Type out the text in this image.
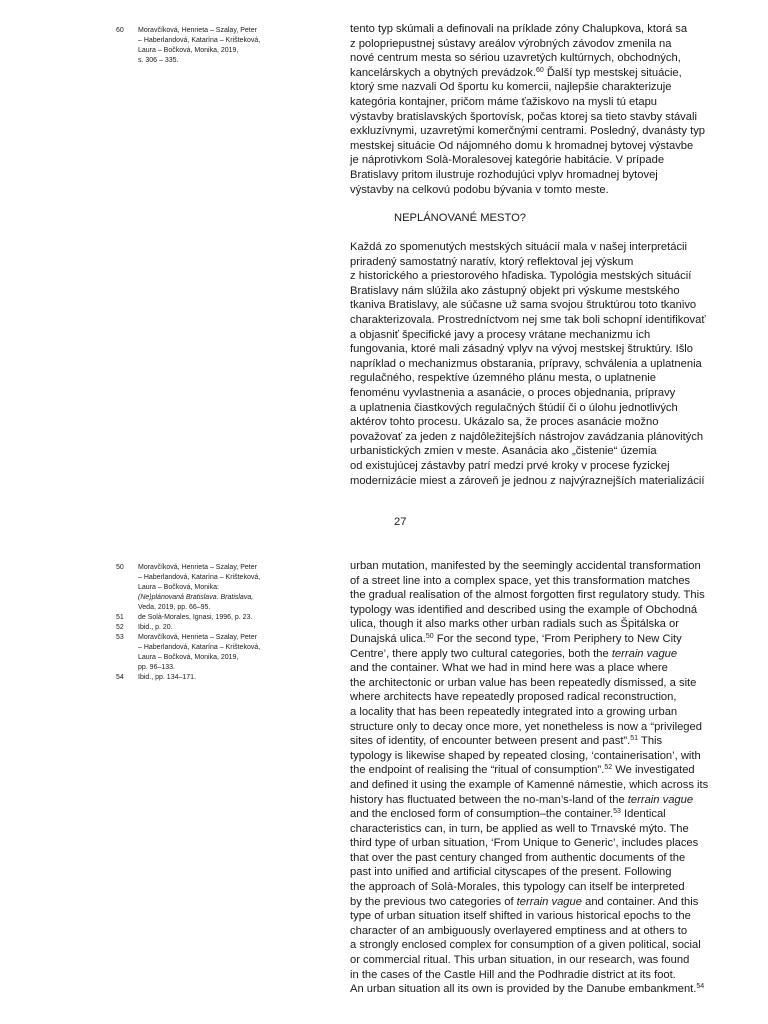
60	Moravčíková, Henrieta – Szalay, Peter
– Haberlandová, Katarína – Krišteková,
Laura – Bočková, Monika, 2019,
s. 306 – 335.

tento typ skúmali a definovali na príklade zóny Chalupkova, ktorá sa
z polopriepustnej sústavy areálov výrobných závodov zmenila na
nové centrum mesta so sériou uzavretých kultúrnych, obchodných,
kancelárskych a obytných prevádzok.$^{60}$ Ďalší typ mestskej situácie,
ktorý sme nazvali Od športu ku komercii, najlepšie charakterizuje
kategória kontajner, pričom máme ťažiskovo na mysli tú etapu
výstavby bratislavských športovísk, počas ktorej sa tieto stavby stávali
exkluzívnymi, uzavretými komerčnými centrami. Posledný, dvanásty typ
mestskej situácie Od nájomného domu k hromadnej bytovej výstavbe
je náprotivkom Solà-Moralesovej kategórie habitácie. V prípade
Bratislavy pritom ilustruje rozhodujúci vplyv hromadnej bytovej
výstavby na celkovú podobu bývania v tomto meste.

NEPLÁNOVANÉ MESTO?

Každá zo spomenutých mestských situácií mala v našej interpretácii
priradený samostatný naratív, ktorý reflektoval jej výskum
z historického a priestorového hľadiska. Typológia mestských situácií
Bratislavy nám slúžila ako zástupný objekt pri výskume mestského
tkaniva Bratislavy, ale súčasne už sama svojou štruktúrou toto tkanivo
charakterizovala. Prostredníctvom nej sme tak boli schopní identifikovať
a objasniť špecifické javy a procesy vrátane mechanizmu ich
fungovania, ktoré mali zásadný vplyv na vývoj mestskej štruktúry. Išlo
napríklad o mechanizmus obstarania, prípravy, schválenia a uplatnenia
regulačného, respektíve územného plánu mesta, o uplatnenie
fenoménu vyvlastnenia a asanácie, o proces objednania, prípravy
a uplatnenia čiastkových regulačných štúdií či o úlohu jednotlivých
aktérov tohto procesu. Ukázalo sa, že proces asanácie možno
považovať za jeden z najdôležitejších nástrojov zavádzania plánovitých
urbanistických zmien v meste. Asanácia ako „čistenie“ územia
od existujúcej zástavby patrí medzi prvé kroky v procese fyzickej
modernizácie miest a zároveň je jednou z najvýraznejších materializácií

27
50	Moravčíková, Henrieta – Szalay, Peter
– Haberlandová, Katarína – Krišteková,
Laura – Bočková, Monika:
(Ne)plánovaná Bratislava. Bratislava,
Veda, 2019, pp. 66–95.
51	de Solà-Morales, Ignasi, 1996, p. 23.
52	Ibid., p. 20.
53	Moravčíková, Henrieta – Szalay, Peter
– Haberlandová, Katarína – Krišteková,
Laura – Bočková, Monika, 2019,
pp. 96–133.
54	Ibid., pp. 134–171.

urban mutation, manifested by the seemingly accidental transformation
of a street line into a complex space, yet this transformation matches
the gradual realisation of the almost forgotten first regulatory study. This
typology was identified and described using the example of Obchodná
ulica, though it also marks other urban radials such as Špitálska or
Dunajská ulica.$^{50}$ For the second type, ‘From Periphery to New City
Centre’, there apply two cultural categories, both the terrain vague
and the container. What we had in mind here was a place where
the architectonic or urban value has been repeatedly dismissed, a site
where architects have repeatedly proposed radical reconstruction,
a locality that has been repeatedly integrated into a growing urban
structure only to decay once more, yet nonetheless is now a “privileged
sites of identity, of encounter between present and past”.$^{51}$ This
typology is likewise shaped by repeated closing, ‘containerisation’, with
the endpoint of realising the “ritual of consumption”.$^{52}$ We investigated
and defined it using the example of Kamenné námestie, which across its
history has fluctuated between the no-man’s-land of the terrain vague
and the enclosed form of consumption–the container.$^{53}$ Identical
characteristics can, in turn, be applied as well to Trnavské mýto. The
third type of urban situation, ‘From Unique to Generic’, includes places
that over the past century changed from authentic documents of the
past into unified and artificial cityscapes of the present. Following
the approach of Solà-Morales, this typology can itself be interpreted
by the previous two categories of terrain vague and container. And this
type of urban situation itself shifted in various historical epochs to the
character of an ambiguously overlayered emptiness and at others to
a strongly enclosed complex for consumption of a given political, social
or commercial ritual. This urban situation, in our research, was found
in the cases of the Castle Hill and the Podhradie district at its foot.
An urban situation all its own is provided by the Danube embankment.$^{54}$
